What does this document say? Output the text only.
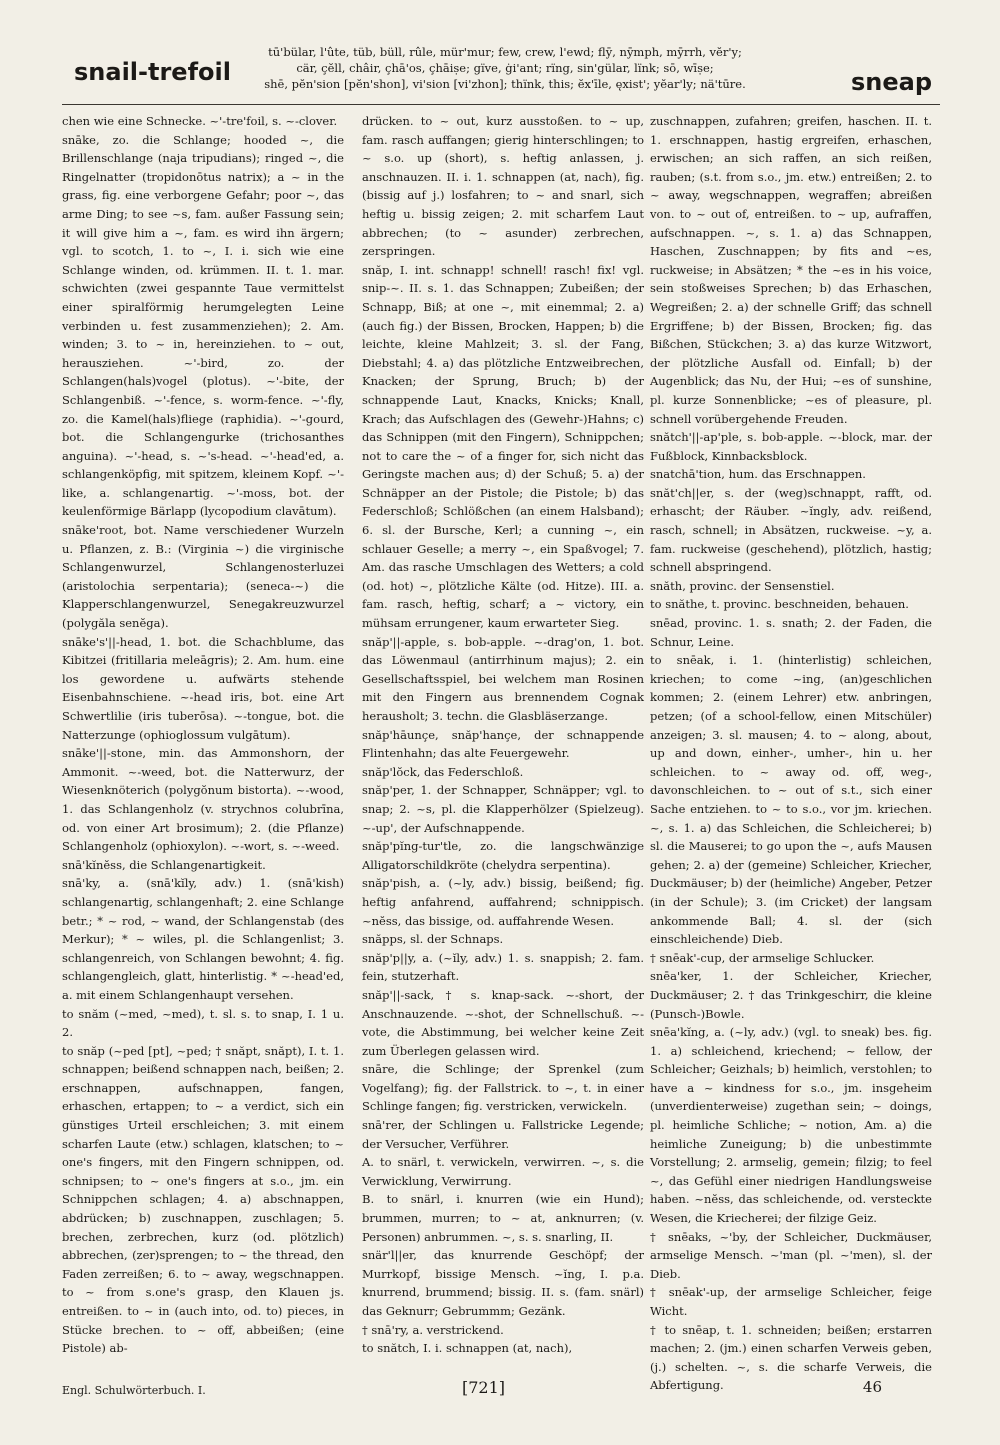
snail-trefoil
tū'bülar, l'ûte, tüb, büll, rûle, mür'mur; few, crew, l'ewd; flȳ, nȳmph, mȳrrh, vĕr'y;
cär, çĕll, châir, çhā'os, çhāiṣe; gïve, ġi'ant; rïng, sin'gülar, lïnk; sō, wīṣe;
shē, pĕn'sion [pĕn'shon], vi'sion [vi'zhon]; thïnk, this; ĕx'īle, ęxist'; yĕar'ly; nä'tūre.	sneap

chen wie eine Schnecke. ~'-tre'foil, s. ~-clover.

snāke, zo. die Schlange; hooded ~, die Brillenschlange (naja tripudians); ringed ~, die Ringelnatter (tropidonōtus natrix); a ~ in the grass, fig. eine verborgene Gefahr; poor ~, das arme Ding; to see ~s, fam. außer Fassung sein; it will give him a ~, fam. es wird ihn ärgern; vgl. to scotch, 1. to ~, I. i. sich wie eine Schlange winden, od. krümmen. II. t. 1. mar. schwichten (zwei gespannte Taue vermittelst einer spiralförmig herumgelegten Leine verbinden u. fest zusammenziehen); 2. Am. winden; 3. to ~ in, hereinziehen. to ~ out, herausziehen. ~'-bird, zo. der Schlangen(hals)vogel (plotus). ~'-bite, der Schlangenbiß. ~'-fence, s. worm-fence. ~'-fly, zo. die Kamel(hals)fliege (raphidia). ~'-gourd, bot. die Schlangengurke (trichosanthes anguina). ~'-head, s. ~'s-head. ~'-head'ed, a. schlangenköpfig, mit spitzem, kleinem Kopf. ~'-like, a. schlangenartig. ~'-moss, bot. der keulenförmige Bärlapp (lycopodium clavātum).

snāke'root, bot. Name verschiedener Wurzeln u. Pflanzen, z. B.: (Virginia ~) die virginische Schlangenwurzel, Schlangenosterluzei (aristolochia serpentaria); (seneca-~) die Klapperschlangenwurzel, Senegakreuzwurzel (polygăla senĕga).

snāke's'||-head, 1. bot. die Schachblume, das Kibitzei (fritillaria meleāgris); 2. Am. hum. eine los gewordene u. aufwärts stehende Eisenbahnschiene. ~-head iris, bot. eine Art Schwertlilie (iris tuberōsa). ~-tongue, bot. die Natterzunge (ophioglossum vulgātum).

snāke'||-stone, min. das Ammonshorn, der Ammonit. ~-weed, bot. die Natterwurz, der Wiesenknöterich (polygŏnum bistorta). ~-wood, 1. das Schlangenholz (v. strychnos colubrīna, od. von einer Art brosimum); 2. (die Pflanze) Schlangenholz (ophioxylon). ~-wort, s. ~-weed.

snā'kĭnĕss, die Schlangenartigkeit.

snā'ky, a. (snā'kĭly, adv.) 1. (snā'kish) schlangenartig, schlangenhaft; 2. eine Schlange betr.; * ~ rod, ~ wand, der Schlangenstab (des Merkur); * ~ wiles, pl. die Schlangenlist; 3. schlangenreich, von Schlangen bewohnt; 4. fig. schlangengleich, glatt, hinterlistig. * ~-head'ed, a. mit einem Schlangenhaupt versehen.

to snăm (~med, ~med), t. sl. s. to snap, I. 1 u. 2.

to snăp (~ped [pt], ~ped; † snăpt, snăpt), I. t. 1. schnappen; beißend schnappen nach, beißen; 2. erschnappen, aufschnappen, fangen, erhaschen, ertappen; to ~ a verdict, sich ein günstiges Urteil erschleichen; 3. mit einem scharfen Laute (etw.) schlagen, klatschen; to ~ one's fingers, mit den Fingern schnippen, od. schnipsen; to ~ one's fingers at s.o., jm. ein Schnippchen schlagen; 4. a) abschnappen, abdrücken; b) zuschnappen, zuschlagen; 5. brechen, zerbrechen, kurz (od. plötzlich) abbrechen, (zer)sprengen; to ~ the thread, den Faden zerreißen; 6. to ~ away, wegschnappen. to ~ from s.one's grasp, den Klauen js. entreißen. to ~ in (auch into, od. to) pieces, in Stücke brechen. to ~ off, abbeißen; (eine Pistole) ab-

drücken. to ~ out, kurz ausstoßen. to ~ up, fam. rasch auffangen; gierig hinterschlingen; to ~ s.o. up (short), s. heftig anlassen, j. anschnauzen. II. i. 1. schnappen (at, nach), fig. (bissig auf j.) losfahren; to ~ and snarl, sich heftig u. bissig zeigen; 2. mit scharfem Laut abbrechen; (to ~ asunder) zerbrechen, zerspringen.

snăp, I. int. schnapp! schnell! rasch! fix! vgl. snip-~. II. s. 1. das Schnappen; Zubeißen; der Schnapp, Biß; at one ~, mit einemmal; 2. a) (auch fig.) der Bissen, Brocken, Happen; b) die leichte, kleine Mahlzeit; 3. sl. der Fang, Diebstahl; 4. a) das plötzliche Entzweibrechen, Knacken; der Sprung, Bruch; b) der schnappende Laut, Knacks, Knicks; Knall, Krach; das Aufschlagen des (Gewehr-)Hahns; c) das Schnippen (mit den Fingern), Schnippchen; not to care the ~ of a finger for, sich nicht das Geringste machen aus; d) der Schuß; 5. a) der Schnäpper an der Pistole; die Pistole; b) das Federschloß; Schlößchen (an einem Halsband); 6. sl. der Bursche, Kerl; a cunning ~, ein schlauer Geselle; a merry ~, ein Spaßvogel; 7. Am. das rasche Umschlagen des Wetters; a cold (od. hot) ~, plötzliche Kälte (od. Hitze). III. a. fam. rasch, heftig, scharf; a ~ victory, ein mühsam errungener, kaum erwarteter Sieg.

snăp'||-apple, s. bob-apple. ~-drag'on, 1. bot. das Löwenmaul (antirrhinum majus); 2. ein Gesellschaftsspiel, bei welchem man Rosinen mit den Fingern aus brennendem Cognak herausholt; 3. techn. die Glasbläserzange.

snăp'hāunçe, snăp'hançe, der schnappende Flintenhahn; das alte Feuergewehr.

snăp'lŏck, das Federschloß.

snăp'per, 1. der Schnapper, Schnäpper; vgl. to snap; 2. ~s, pl. die Klapperhölzer (Spielzeug). ~-up', der Aufschnappende.

snăp'pĭng-tur'tle, zo. die langschwänzige Alligatorschildkröte (chelydra serpentina).

snăp'pish, a. (~ly, adv.) bissig, beißend; fig. heftig anfahrend, auffahrend; schnippisch. ~nĕss, das bissige, od. auffahrende Wesen.

snăpps, sl. der Schnaps.

snăp'p||y, a. (~ĭly, adv.) 1. s. snappish; 2. fam. fein, stutzerhaft.

snăp'||-sack, † s. knap-sack. ~-short, der Anschnauzende. ~-shot, der Schnellschuß. ~-vote, die Abstimmung, bei welcher keine Zeit zum Überlegen gelassen wird.

snāre, die Schlinge; der Sprenkel (zum Vogelfang); fig. der Fallstrick. to ~, t. in einer Schlinge fangen; fig. verstricken, verwickeln.

snā'rer, der Schlingen u. Fallstricke Legende; der Versucher, Verführer.

A. to snärl, t. verwickeln, verwirren. ~, s. die Verwicklung, Verwirrung.

B. to snärl, i. knurren (wie ein Hund); brummen, murren; to ~ at, anknurren; (v. Personen) anbrummen. ~, s. s. snarling, II.

snär'l||er, das knurrende Geschöpf; der Murrkopf, bissige Mensch. ~ĭng, I. p.a. knurrend, brummend; bissig. II. s. (fam. snärl) das Geknurr; Gebrummm; Gezänk.

† snā'ry, a. verstrickend.

to snătch, I. i. schnappen (at, nach),

zuschnappen, zufahren; greifen, haschen. II. t. 1. erschnappen, hastig ergreifen, erhaschen, erwischen; an sich raffen, an sich reißen, rauben; (s.t. from s.o., jm. etw.) entreißen; 2. to ~ away, wegschnappen, wegraffen; abreißen von. to ~ out of, entreißen. to ~ up, aufraffen, aufschnappen. ~, s. 1. a) das Schnappen, Haschen, Zuschnappen; by fits and ~es, ruckweise; in Absätzen; * the ~es in his voice, sein stoßweises Sprechen; b) das Erhaschen, Wegreißen; 2. a) der schnelle Griff; das schnell Ergriffene; b) der Bissen, Brocken; fig. das Bißchen, Stückchen; 3. a) das kurze Witzwort, der plötzliche Ausfall od. Einfall; b) der Augenblick; das Nu, der Hui; ~es of sunshine, pl. kurze Sonnenblicke; ~es of pleasure, pl. schnell vorübergehende Freuden.

snătch'||-ap'ple, s. bob-apple. ~-block, mar. der Fußblock, Kinnbacksblock.

snatchā'tion, hum. das Erschnappen.

snăt'ch||er, s. der (weg)schnappt, rafft, od. erhascht; der Räuber. ~ĭngly, adv. reißend, rasch, schnell; in Absätzen, ruckweise. ~y, a. fam. ruckweise (geschehend), plötzlich, hastig; schnell abspringend.

snăth, provinc. der Sensenstiel.

to snăthe, t. provinc. beschneiden, behauen.

snēad, provinc. 1. s. snath; 2. der Faden, die Schnur, Leine.

to snēak, i. 1. (hinterlistig) schleichen, kriechen; to come ~ing, (an)geschlichen kommen; 2. (einem Lehrer) etw. anbringen, petzen; (of a school-fellow, einen Mitschüler) anzeigen; 3. sl. mausen; 4. to ~ along, about, up and down, einher-, umher-, hin u. her schleichen. to ~ away od. off, weg-, davonschleichen. to ~ out of s.t., sich einer Sache entziehen. to ~ to s.o., vor jm. kriechen. ~, s. 1. a) das Schleichen, die Schleicherei; b) sl. die Mauserei; to go upon the ~, aufs Mausen gehen; 2. a) der (gemeine) Schleicher, Kriecher, Duckmäuser; b) der (heimliche) Angeber, Petzer (in der Schule); 3. (im Cricket) der langsam ankommende Ball; 4. sl. der (sich einschleichende) Dieb.

† snēak'-cup, der armselige Schlucker.

snēa'ker, 1. der Schleicher, Kriecher, Duckmäuser; 2. † das Trinkgeschirr, die kleine (Punsch-)Bowle.

snēa'kĭng, a. (~ly, adv.) (vgl. to sneak) bes. fig. 1. a) schleichend, kriechend; ~ fellow, der Schleicher; Geizhals; b) heimlich, verstohlen; to have a ~ kindness for s.o., jm. insgeheim (unverdienterweise) zugethan sein; ~ doings, pl. heimliche Schliche; ~ notion, Am. a) die heimliche Zuneigung; b) die unbestimmte Vorstellung; 2. armselig, gemein; filzig; to feel ~, das Gefühl einer niedrigen Handlungsweise haben. ~nĕss, das schleichende, od. versteckte Wesen, die Kriecherei; der filzige Geiz.

† snēaks, ~'by, der Schleicher, Duckmäuser, armselige Mensch. ~'man (pl. ~'men), sl. der Dieb.

† snēak'-up, der armselige Schleicher, feige Wicht.

† to snēap, t. 1. schneiden; beißen; erstarren machen; 2. (jm.) einen scharfen Verweis geben, (j.) schelten. ~, s. die scharfe Verweis, die Abfertigung.

Engl. Schulwörterbuch. I.	[721]	46
